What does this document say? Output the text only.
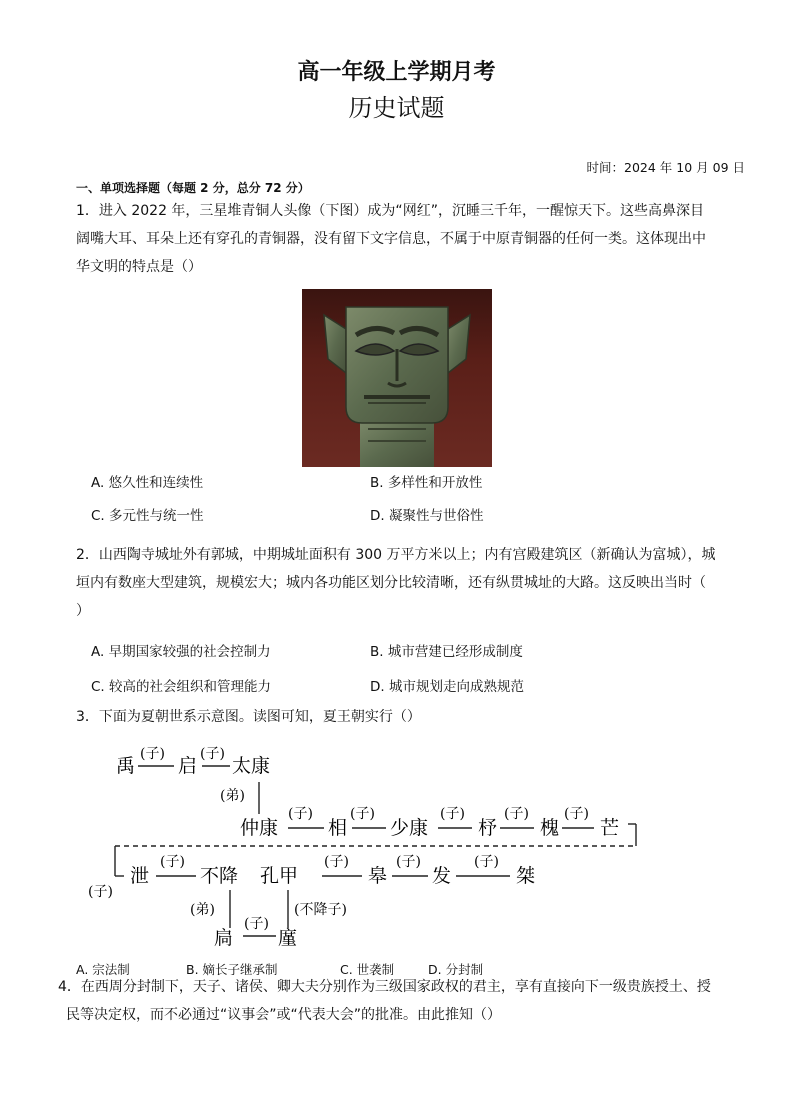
高一年级上学期月考
历史试题
时间：2024 年 10 月 09 日
一、单项选择题（每题 2 分，总分 72 分）
1．进入 2022 年，三星堆青铜人头像（下图）成为“网红”，沉睡三千年，一醒惊天下。这些高鼻深目
阔嘴大耳、耳朵上还有穿孔的青铜器，没有留下文字信息，不属于中原青铜器的任何一类。这体现出中
华文明的特点是（）
A. 悠久性和连续性	B. 多样性和开放性
C. 多元性与统一性	D. 凝聚性与世俗性
2．山西陶寺城址外有郭城，中期城址面积有 300 万平方米以上；内有宫殿建筑区（新确认为富城），城
垣内有数座大型建筑，规模宏大；城内各功能区划分比较清晰，还有纵贯城址的大路。这反映出当时（
）
A. 早期国家较强的社会控制力	B. 城市营建已经形成制度
C. 较高的社会组织和管理能力	D. 城市规划走向成熟规范
3．下面为夏朝世系示意图。读图可知，夏王朝实行（）
禹 启 太康
仲康	相 少康	杼 槐 芒
泄	不降 孔甲	皋 发	桀
扃 廑
(子)	(子)
(弟)
(子)	(子)	(子)	(子)	(子)
(子)
(子)	(子)	(子)	(子)
(弟)
(子)
(不降子)
A. 宗法制	B. 嫡长子继承制	C. 世袭制	D. 分封制
4．在西周分封制下，天子、诸侯、卿大夫分别作为三级国家政权的君主，享有直接向下一级贵族授土、授
民等决定权，而不必通过“议事会”或“代表大会”的批准。由此推知（）
